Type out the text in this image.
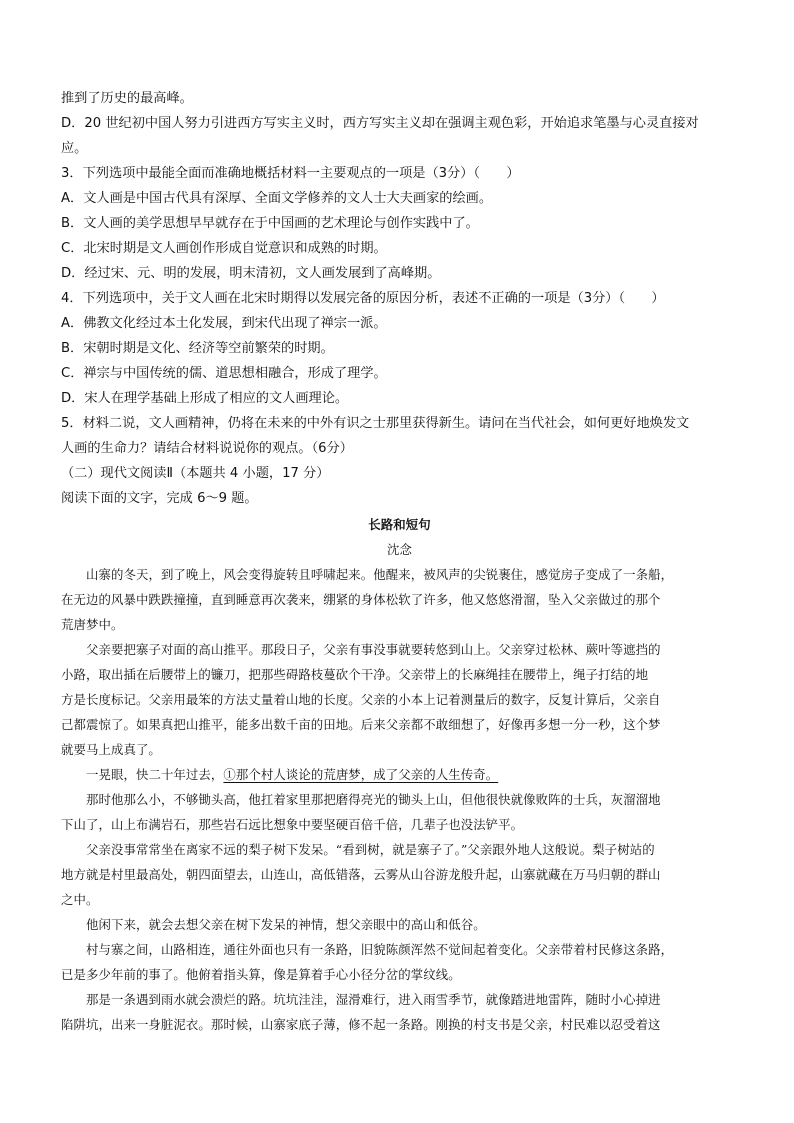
推到了历史的最高峰。

D．20 世纪初中国人努力引进西方写实主义时，西方写实主义却在强调主观色彩，开始追求笔墨与心灵直接对

应。

3．下列选项中最能全面而准确地概括材料一主要观点的一项是（3分）（　　）

A．文人画是中国古代具有深厚、全面文学修养的文人士大夫画家的绘画。

B．文人画的美学思想早早就存在于中国画的艺术理论与创作实践中了。

C．北宋时期是文人画创作形成自觉意识和成熟的时期。

D．经过宋、元、明的发展，明末清初，文人画发展到了高峰期。

4．下列选项中，关于文人画在北宋时期得以发展完备的原因分析，表述不正确的一项是（3分）（　　）

A．佛教文化经过本土化发展，到宋代出现了禅宗一派。

B．宋朝时期是文化、经济等空前繁荣的时期。

C．禅宗与中国传统的儒、道思想相融合，形成了理学。

D．宋人在理学基础上形成了相应的文人画理论。

5．材料二说，文人画精神，仍将在未来的中外有识之士那里获得新生。请问在当代社会，如何更好地焕发文

人画的生命力？请结合材料说说你的观点。（6分）

（二）现代文阅读Ⅱ（本题共 4 小题，17 分）

阅读下面的文字，完成 6～9 题。

长路和短句

沈念

山寨的冬天，到了晚上，风会变得旋转且呼啸起来。他醒来，被风声的尖锐裹住，感觉房子变成了一条船，

在无边的风暴中跌跌撞撞，直到睡意再次袭来，绷紧的身体松软了许多，他又悠悠滑溜，坠入父亲做过的那个

荒唐梦中。

父亲要把寨子对面的高山推平。那段日子，父亲有事没事就要转悠到山上。父亲穿过松林、蕨叶等遮挡的

小路，取出插在后腰带上的镰刀，把那些碍路枝蔓砍个干净。父亲带上的长麻绳挂在腰带上，绳子打结的地

方是长度标记。父亲用最笨的方法丈量着山地的长度。父亲的小本上记着测量后的数字，反复计算后，父亲自

己都震惊了。如果真把山推平，能多出数千亩的田地。后来父亲都不敢细想了，好像再多想一分一秒，这个梦

就要马上成真了。

一晃眼，快二十年过去，①那个村人谈论的荒唐梦，成了父亲的人生传奇。

那时他那么小，不够锄头高，他扛着家里那把磨得亮光的锄头上山，但他很快就像败阵的士兵，灰溜溜地

下山了，山上布满岩石，那些岩石远比想象中要坚硬百倍千倍，几辈子也没法铲平。

父亲没事常常坐在离家不远的梨子树下发呆。“看到树，就是寨子了。”父亲跟外地人这般说。梨子树站的

地方就是村里最高处，朝四面望去，山连山，高低错落，云雾从山谷游龙般升起，山寨就藏在万马归朝的群山

之中。

他闲下来，就会去想父亲在树下发呆的神情，想父亲眼中的高山和低谷。

村与寨之间，山路相连，通往外面也只有一条路，旧貌陈颜浑然不觉间起着变化。父亲带着村民修这条路，

已是多少年前的事了。他俯着指头算，像是算着手心小径分岔的掌纹线。

那是一条遇到雨水就会溃烂的路。坑坑洼洼，湿滑难行，进入雨雪季节，就像踏进地雷阵，随时小心掉进

陷阱坑，出来一身脏泥衣。那时候，山寨家底子薄，修不起一条路。刚换的村支书是父亲，村民难以忍受着这
